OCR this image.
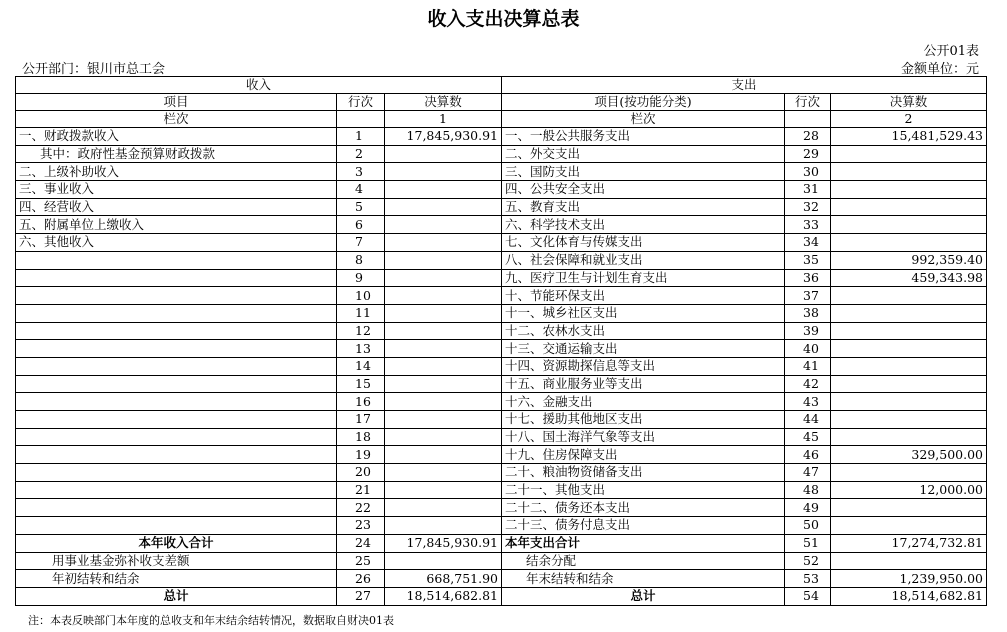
收入支出决算总表
公开01表
公开部门：银川市总工会	金额单位：元
收入			支出		
项目	行次	决算数	项目(按功能分类)	行次	决算数
栏次		1	栏次		2
一、财政拨款收入	1	17,845,930.91	一、一般公共服务支出	28	15,481,529.43
其中：政府性基金预算财政拨款	2		二、外交支出	29	
二、上级补助收入	3		三、国防支出	30	
三、事业收入	4		四、公共安全支出	31	
四、经营收入	5		五、教育支出	32	
五、附属单位上缴收入	6		六、科学技术支出	33	
六、其他收入	7		七、文化体育与传媒支出	34	
	8		八、社会保障和就业支出	35	992,359.40
	9		九、医疗卫生与计划生育支出	36	459,343.98
	10		十、节能环保支出	37	
	11		十一、城乡社区支出	38	
	12		十二、农林水支出	39	
	13		十三、交通运输支出	40	
	14		十四、资源勘探信息等支出	41	
	15		十五、商业服务业等支出	42	
	16		十六、金融支出	43	
	17		十七、援助其他地区支出	44	
	18		十八、国土海洋气象等支出	45	
	19		十九、住房保障支出	46	329,500.00
	20		二十、粮油物资储备支出	47	
	21		二十一、其他支出	48	12,000.00
	22		二十二、债务还本支出	49	
	23		二十三、债务付息支出	50	
本年收入合计	24	17,845,930.91	本年支出合计	51	17,274,732.81
用事业基金弥补收支差额	25		结余分配	52	
年初结转和结余	26	668,751.90	年末结转和结余	53	1,239,950.00
总计	27	18,514,682.81	总计	54	18,514,682.81
注：本表反映部门本年度的总收支和年末结余结转情况，数据取自财决01表
